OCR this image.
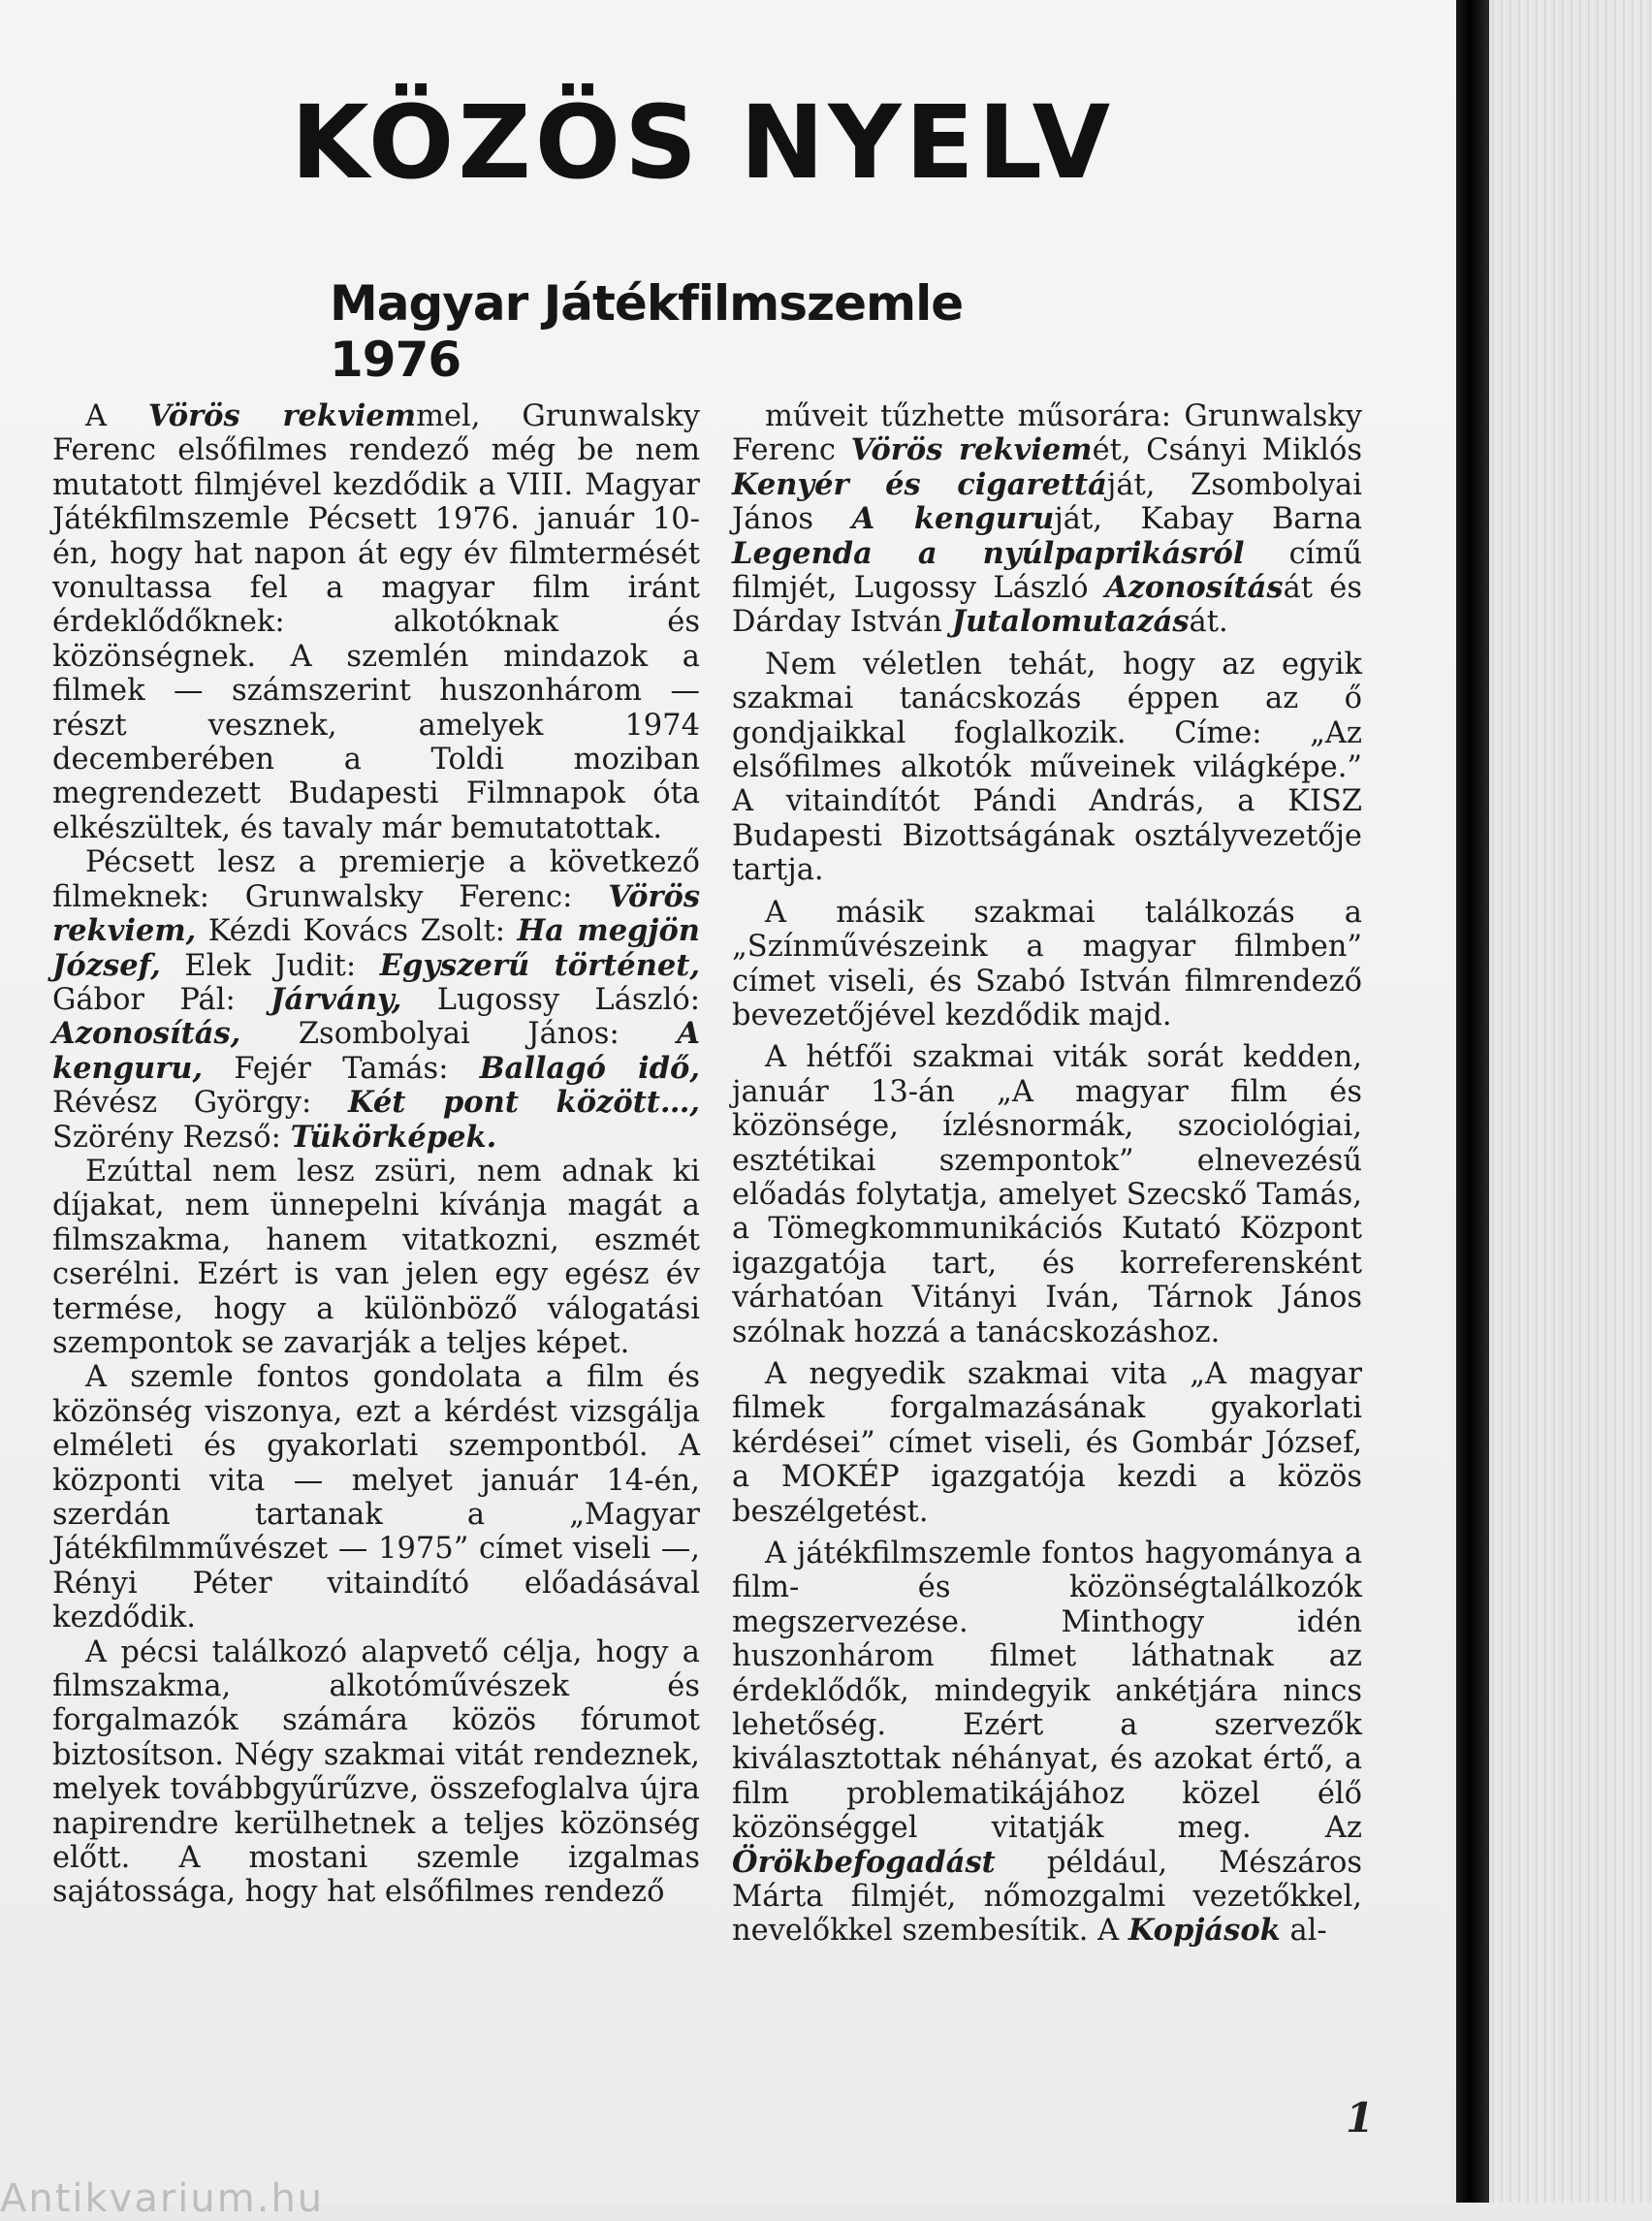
KÖZÖS NYELV
Magyar Játékfilmszemle 1976

A Vörös rekviemmel, Grunwalsky Ferenc elsőfilmes rendező még be nem mutatott filmjével kezdődik a VIII. Magyar Játékfilmszemle Pécsett 1976. január 10-én, hogy hat napon át egy év filmtermését vonultassa fel a magyar film iránt érdeklődőknek: alkotóknak és közönségnek. A szemlén mindazok a filmek — számszerint huszonhárom — részt vesznek, amelyek 1974 decemberében a Toldi moziban megrendezett Budapesti Filmnapok óta elkészültek, és tavaly már bemutatottak.

Pécsett lesz a premierje a következő filmeknek: Grunwalsky Ferenc: Vörös rekviem, Kézdi Kovács Zsolt: Ha megjön József, Elek Judit: Egyszerű történet, Gábor Pál: Járvány, Lugossy László: Azonosítás, Zsombolyai János: A kenguru, Fejér Tamás: Ballagó idő, Révész György: Két pont között…, Szörény Rezső: Tükörképek.

Ezúttal nem lesz zsüri, nem adnak ki díjakat, nem ünnepelni kívánja magát a filmszakma, hanem vitatkozni, eszmét cserélni. Ezért is van jelen egy egész év termése, hogy a különböző válogatási szempontok se zavarják a teljes képet.

A szemle fontos gondolata a film és közönség viszonya, ezt a kérdést vizsgálja elméleti és gyakorlati szempontból. A központi vita — melyet január 14-én, szerdán tartanak a „Magyar Játékfilmművészet — 1975” címet viseli —, Rényi Péter vitaindító előadásával kezdődik.

A pécsi találkozó alapvető célja, hogy a filmszakma, alkotóművészek és forgalmazók számára közös fórumot biztosítson. Négy szakmai vitát rendeznek, melyek továbbgyűrűzve, összefoglalva újra napirendre kerülhetnek a teljes közönség előtt. A mostani szemle izgalmas sajátossága, hogy hat elsőfilmes rendező

műveit tűzhette műsorára: Grunwalsky Ferenc Vörös rekviemét, Csányi Miklós Kenyér és cigarettáját, Zsombolyai János A kenguruját, Kabay Barna Legenda a nyúlpaprikásról című filmjét, Lugossy László Azonosítását és Dárday István Jutalomutazását.

Nem véletlen tehát, hogy az egyik szakmai tanácskozás éppen az ő gondjaikkal foglalkozik. Címe: „Az elsőfilmes alkotók műveinek világképe.” A vitaindítót Pándi András, a KISZ Budapesti Bizottságának osztályvezetője tartja.

A másik szakmai találkozás a „Színművészeink a magyar filmben” címet viseli, és Szabó István filmrendező bevezetőjével kezdődik majd.

A hétfői szakmai viták sorát kedden, január 13-án „A magyar film és közönsége, ízlésnormák, szociológiai, esztétikai szempontok” elnevezésű előadás folytatja, amelyet Szecskő Tamás, a Tömegkommunikációs Kutató Központ igazgatója tart, és korreferensként várhatóan Vitányi Iván, Tárnok János szólnak hozzá a tanácskozáshoz.

A negyedik szakmai vita „A magyar filmek forgalmazásának gyakorlati kérdései” címet viseli, és Gombár József, a MOKÉP igazgatója kezdi a közös beszélgetést.

A játékfilmszemle fontos hagyománya a film- és közönségtalálkozók megszervezése. Minthogy idén huszonhárom filmet láthatnak az érdeklődők, mindegyik ankétjára nincs lehetőség. Ezért a szervezők kiválasztottak néhányat, és azokat értő, a film problematikájához közel élő közönséggel vitatják meg. Az Örökbefogadást például, Mészáros Márta filmjét, nőmozgalmi vezetőkkel, nevelőkkel szembesítik. A Kopjások al-

1
Antikvarium.hu
